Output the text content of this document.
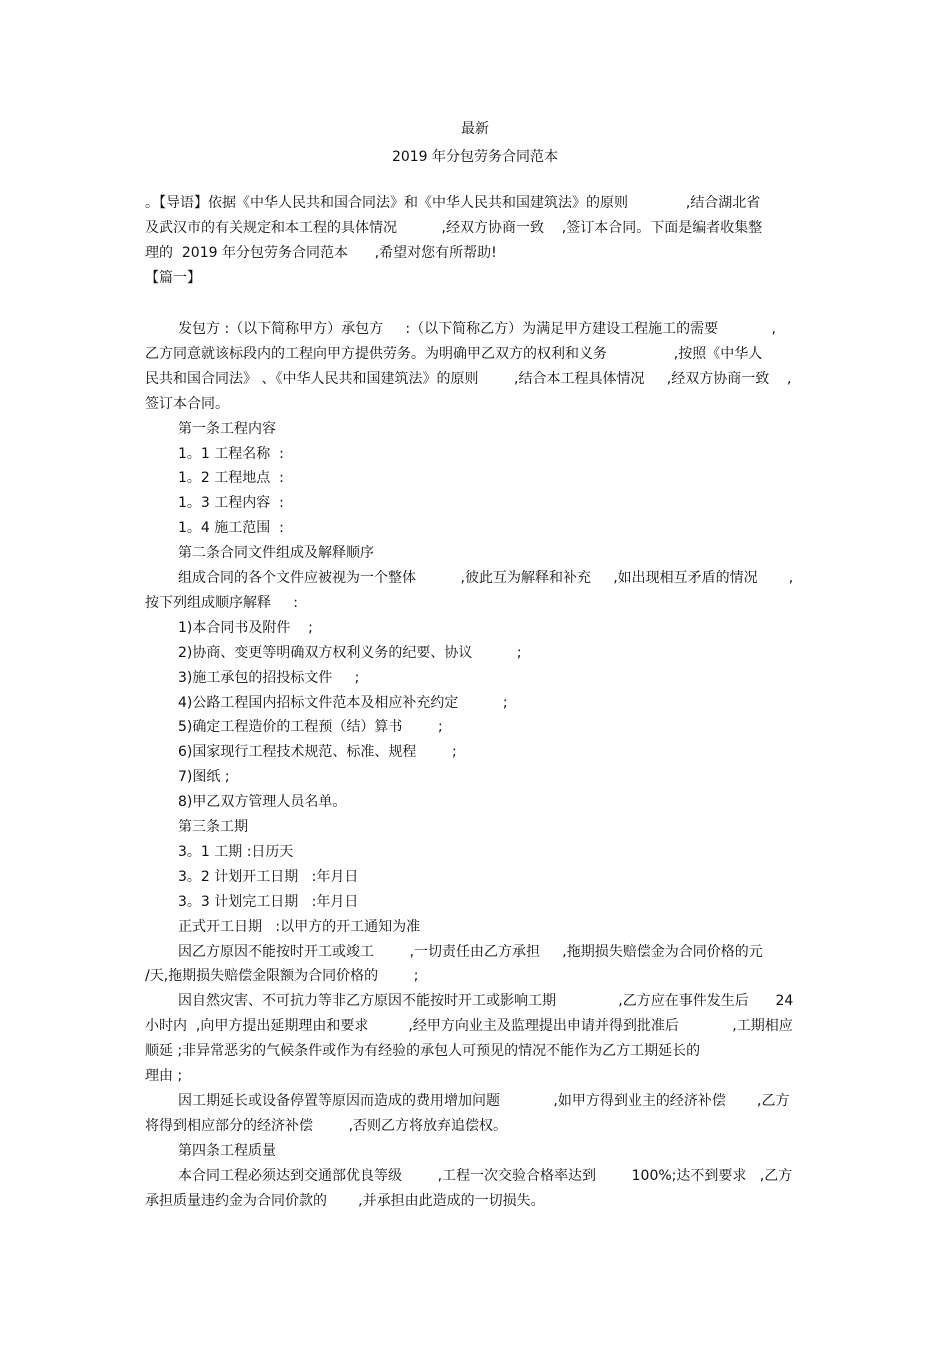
最新
2019 年分包劳务合同范本
。【导语】依据《中华人民共和国合同法》和《中华人民共和国建筑法》的原则             ,结合湖北省
及武汉市的有关规定和本工程的具体情况          ,经双方协商一致    ,签订本合同。下面是编者收集整
理的  2019 年分包劳务合同范本      ,希望对您有所帮助!
【篇一】
发包方 :（以下简称甲方）承包方     :（以下简称乙方）为满足甲方建设工程施工的需要            ,
乙方同意就该标段内的工程向甲方提供劳务。为明确甲乙双方的权利和义务               ,按照《中华人
民共和国合同法》 、《中华人民共和国建筑法》的原则        ,结合本工程具体情况     ,经双方协商一致    ,
签订本合同。
第一条工程内容
1。1 工程名称  :
1。2 工程地点  :
1。3 工程内容  :
1。4 施工范围  :
第二条合同文件组成及解释顺序
组成合同的各个文件应被视为一个整体          ,彼此互为解释和补充     ,如出现相互矛盾的情况       ,
按下列组成顺序解释     :
1)本合同书及附件    ;
2)协商、变更等明确双方权利义务的纪要、协议          ;
3)施工承包的招投标文件     ;
4)公路工程国内招标文件范本及相应补充约定          ;
5)确定工程造价的工程预（结）算书        ;
6)国家现行工程技术规范、标准、规程        ;
7)图纸 ;
8)甲乙双方管理人员名单。
第三条工期
3。1 工期 :日历天
3。2 计划开工日期   :年月日
3。3 计划完工日期   :年月日
正式开工日期   :以甲方的开工通知为准
因乙方原因不能按时开工或竣工        ,一切责任由乙方承担     ,拖期损失赔偿金为合同价格的元
/天,拖期损失赔偿金限额为合同价格的        ;
因自然灾害、不可抗力等非乙方原因不能按时开工或影响工期              ,乙方应在事件发生后      24
小时内  ,向甲方提出延期理由和要求         ,经甲方向业主及监理提出申请并得到批准后            ,工期相应
顺延 ;非异常恶劣的气候条件或作为有经验的承包人可预见的情况不能作为乙方工期延长的
理由 ;
因工期延长或设备停置等原因而造成的费用增加问题            ,如甲方得到业主的经济补偿       ,乙方
将得到相应部分的经济补偿        ,否则乙方将放弃追偿权。
第四条工程质量
本合同工程必须达到交通部优良等级        ,工程一次交验合格率达到        100%;达不到要求   ,乙方
承担质量违约金为合同价款的       ,并承担由此造成的一切损失。
